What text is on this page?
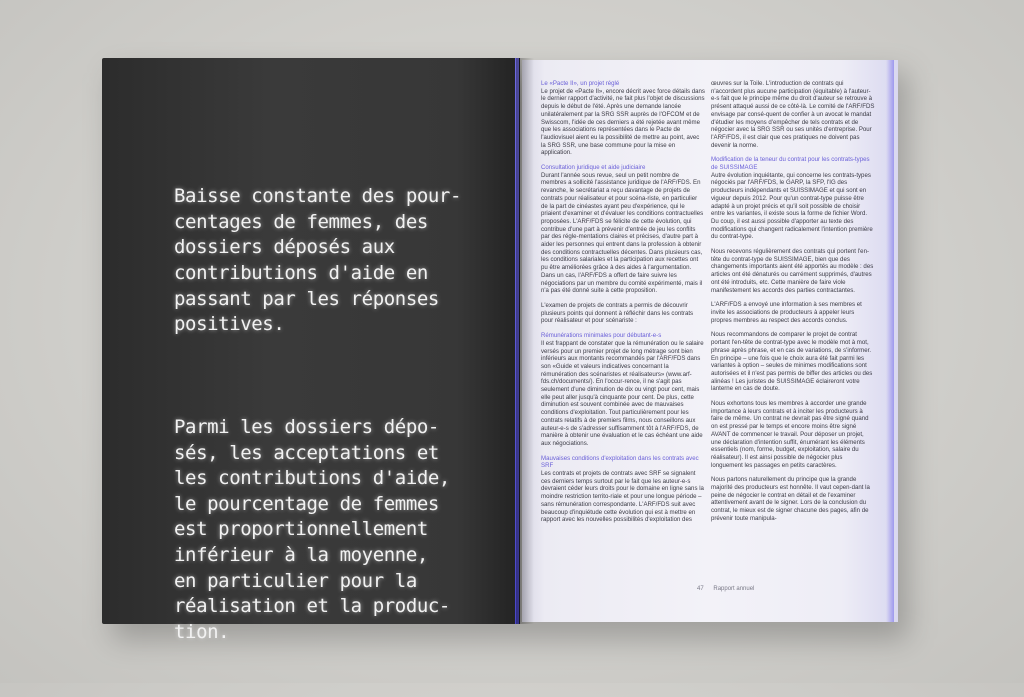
Baisse constante des pour-
centages de femmes, des
dossiers déposés aux
contributions d'aide en
passant par les réponses
positives.

Parmi les dossiers dépo-
sés, les acceptations et
les contributions d'aide,
le pourcentage de femmes
est proportionnellement
inférieur à la moyenne,
en particulier pour la
réalisation et la produc-
tion.

Le «Pacte II», un projet réglé

Le projet de «Pacte II», encore décrit avec force détails dans le dernier rapport d'activité, ne fait plus l'objet de discussions depuis le début de l'été. Après une demande lancée unilatéralement par la SRG SSR auprès de l'OFCOM et de Swisscom, l'idée de ces derniers a été rejetée avant même que les associations représentées dans le Pacte de l'audiovisuel aient eu la possibilité de mettre au point, avec la SRG SSR, une base commune pour la mise en application.

Consultation juridique et aide judiciaire

Durant l'année sous revue, seul un petit nombre de membres a sollicité l'assistance juridique de l'ARF/FDS. En revanche, le secrétariat a reçu davantage de projets de contrats pour réalisateur et pour scéna-riste, en particulier de la part de cinéastes ayant peu d'expérience, qui le priaient d'examiner et d'évaluer les conditions contractuelles proposées. L'ARF/FDS se félicite de cette évolution, qui contribue d'une part à prévenir d'entrée de jeu les conflits par des régle-mentations claires et précises, d'autre part à aider les personnes qui entrent dans la profession à obtenir des conditions contractuelles décentes. Dans plusieurs cas, les conditions salariales et la participation aux recettes ont pu être améliorées grâce à des aides à l'argumentation. Dans un cas, l'ARF/FDS a offert de faire suivre les négociations par un membre du comité expérimenté, mais il n'a pas été donné suite à cette proposition.

L'examen de projets de contrats a permis de découvrir plusieurs points qui donnent à réfléchir dans les contrats pour réalisateur et pour scénariste :

Rémunérations minimales pour débutant-e-s

Il est frappant de constater que la rémunération ou le salaire versés pour un premier projet de long métrage sont bien inférieurs aux montants recommandés par l'ARF/FDS dans son «Guide et valeurs indicatives concernant la rémunération des scénaristes et réalisateurs» (www.arf-fds.ch/documents/). En l'occur-rence, il ne s'agit pas seulement d'une diminution de dix ou vingt pour cent, mais elle peut aller jusqu'à cinquante pour cent. De plus, cette diminution est souvent combinée avec de mauvaises conditions d'exploitation. Tout particulièrement pour les contrats relatifs à de premiers films, nous conseillons aux auteur-e-s de s'adresser suffisamment tôt à l'ARF/FDS, de manière à obtenir une évaluation et le cas échéant une aide aux négociations.

Mauvaises conditions d'exploitation dans les contrats avec SRF

Les contrats et projets de contrats avec SRF se signalent ces derniers temps surtout par le fait que les auteur-e-s devraient céder leurs droits pour le domaine en ligne sans la moindre restriction territo-riale et pour une longue période – sans rémunération correspondante. L'ARF/FDS suit avec beaucoup d'inquiétude cette évolution qui est à mettre en rapport avec les nouvelles possibilités d'exploitation des

œuvres sur la Toile. L'introduction de contrats qui n'accordent plus aucune participation (équitable) à l'auteur-e-s fait que le principe même du droit d'auteur se retrouve à présent attaqué aussi de ce côté-là. Le comité de l'ARF/FDS envisage par consé-quent de confier à un avocat le mandat d'étudier les moyens d'empêcher de tels contrats et de négocier avec la SRG SSR ou ses unités d'entreprise. Pour l'ARF/FDS, il est clair que ces pratiques ne doivent pas devenir la norme.

Modification de la teneur du contrat pour les contrats-types de SUISSIMAGE

Autre évolution inquiétante, qui concerne les contrats-types négociés par l'ARF/FDS, le GARP, la SFP, l'IG des producteurs indépendants et SUISSIMAGE et qui sont en vigueur depuis 2012. Pour qu'un contrat-type puisse être adapté à un projet précis et qu'il soit possible de choisir entre les variantes, il existe sous la forme de fichier Word. Du coup, il est aussi possible d'apporter au texte des modifications qui changent radicalement l'intention première du contrat-type.

Nous recevons régulièrement des contrats qui portent l'en-tête du contrat-type de SUISSIMAGE, bien que des changements importants aient été apportés au modèle : des articles ont été dénaturés ou carrément supprimés, d'autres ont été introduits, etc. Cette manière de faire viole manifestement les accords des parties contractantes.

L'ARF/FDS a envoyé une information à ses membres et invite les associations de producteurs à appeler leurs propres membres au respect des accords conclus.

Nous recommandons de comparer le projet de contrat portant l'en-tête de contrat-type avec le modèle mot à mot, phrase après phrase, et en cas de variations, de s'informer. En principe – une fois que le choix aura été fait parmi les variantes à option – seules de minimes modifications sont autorisées et il n'est pas permis de biffer des articles ou des alinéas ! Les juristes de SUISSIMAGE éclaireront votre lanterne en cas de doute.

Nous exhortons tous les membres à accorder une grande importance à leurs contrats et à inciter les producteurs à faire de même. Un contrat ne devrait pas être signé quand on est pressé par le temps et encore moins être signé AVANT de commencer le travail. Pour déposer un projet, une déclaration d'intention suffit, énumérant les éléments essentiels (nom, forme, budget, exploitation, salaire du réalisateur). Il est ainsi possible de négocier plus longuement les passages en petits caractères.

Nous partons naturellement du principe que la grande majorité des producteurs est honnête. Il vaut cepen-dant la peine de négocier le contrat en détail et de l'examiner attentivement avant de le signer. Lors de la conclusion du contrat, le mieux est de signer chacune des pages, afin de prévenir toute manipula-

47 Rapport annuel
